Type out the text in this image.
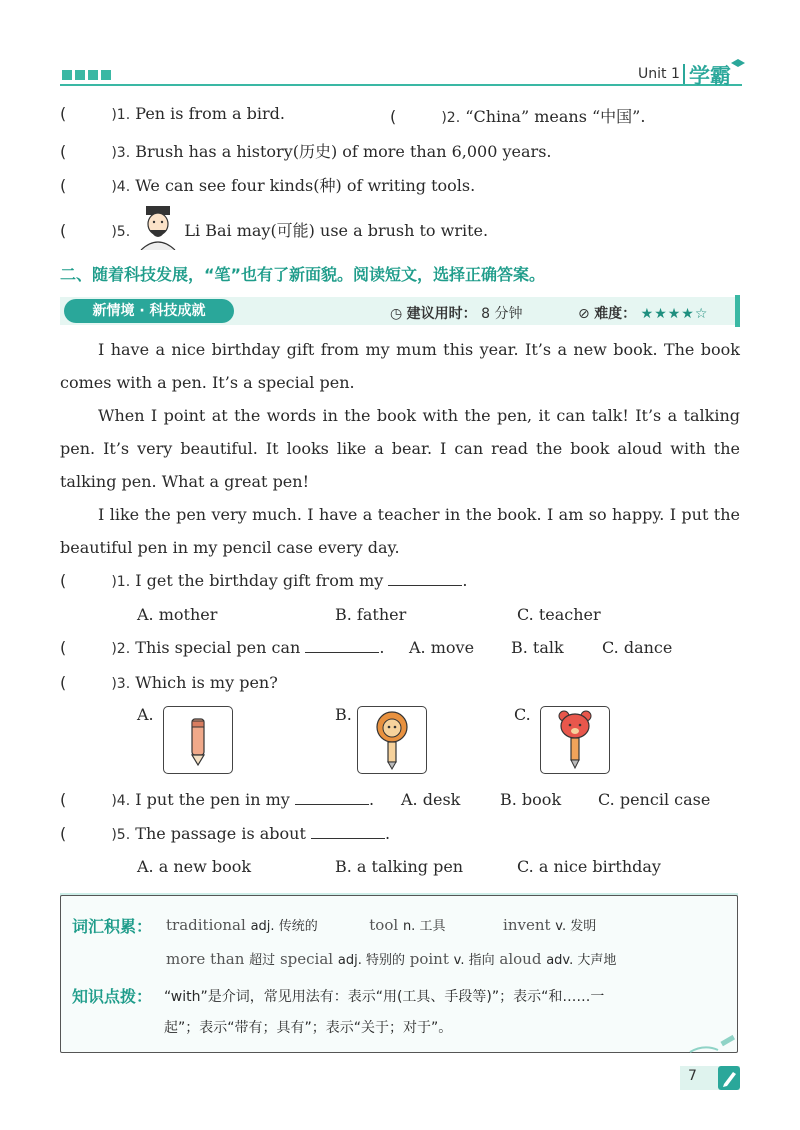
Unit 1 学霸
(	)1. Pen is from a bird.	(	)2. “China” means “中国”.
(	)3. Brush has a history(历史) of more than 6,000 years.
(	)4. We can see four kinds(种) of writing tools.
(	)5.	Li Bai may(可能) use a brush to write.
二、随着科技发展，“笔”也有了新面貌。阅读短文，选择正确答案。
新情境 · 科技成就	◷ 建议用时： 8 分钟	⊘ 难度： ★★★★☆

I have a nice birthday gift from my mum this year. It’s a new book. The book comes with a pen. It’s a special pen.

When I point at the words in the book with the pen, it can talk! It’s a talking pen. It’s very beautiful. It looks like a bear. I can read the book aloud with the talking pen. What a great pen!

I like the pen very much. I have a teacher in the book. I am so happy. I put the beautiful pen in my pencil case every day.

(	)1. I get the birthday gift from my	.
A. mother	B. father	C. teacher
(	)2. This special pen can	. A. move B. talk C. dance
(	)3. Which is my pen?
A.	B.	C.
(	)4. I put the pen in my	. A. desk B. book C. pencil case
(	)5. The passage is about	.
A. a new book	B. a talking pen	C. a nice birthday
词汇积累： traditional adj. 传统的	tool n. 工具	invent v. 发明
more than 超过 special adj. 特别的 point v. 指向 aloud adv. 大声地
知识点拨： “with”是介词，常见用法有：表示“用(工具、手段等)”；表示“和……一
起”；表示“带有；具有”；表示“关于；对于”。
7
